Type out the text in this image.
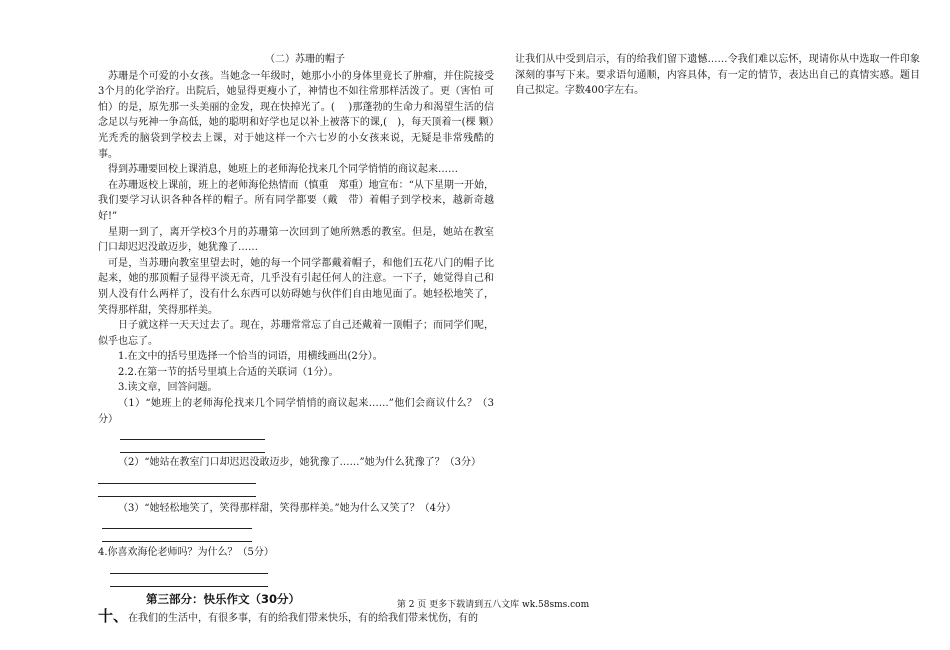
（二）苏珊的帽子

苏珊是个可爱的小女孩。当她念一年级时，她那小小的身体里竟长了肿瘤，并住院接受3个月的化学治疗。出院后，她显得更瘦小了，神情也不如往常那样活泼了。更（害怕 可怕）的是，原先那一头美丽的金发，现在快掉光了。(　 )那蓬勃的生命力和渴望生活的信念足以与死神一争高低，她的聪明和好学也足以补上被落下的课,(　)，每天顶着一(棵 颗）光秃秃的脑袋到学校去上课，对于她这样一个六七岁的小女孩来说，无疑是非常残酷的事。

得到苏珊要回校上课消息，她班上的老师海伦找来几个同学悄悄的商议起来……

在苏珊返校上课前，班上的老师海伦热情而（慎重　郑重）地宣布：“从下星期一开始，我们要学习认识各种各样的帽子。所有同学都要（戴　带）着帽子到学校来，越新奇越好!”

星期一到了，离开学校3个月的苏珊第一次回到了她所熟悉的教室。但是，她站在教室门口却迟迟没敢迈步，她犹豫了……

可是，当苏珊向教室里望去时，她的每一个同学都戴着帽子，和他们五花八门的帽子比起来，她的那顶帽子显得平淡无奇，几乎没有引起任何人的注意。一下子，她觉得自己和别人没有什么两样了，没有什么东西可以妨碍她与伙伴们自由地见面了。她轻松地笑了，笑得那样甜，笑得那样美。

日子就这样一天天过去了。现在，苏珊常常忘了自己还戴着一顶帽子；而同学们呢，似乎也忘了。

1.在文中的括号里选择一个恰当的词语，用横线画出(2分）。

2.2.在第一节的括号里填上合适的关联词（1分）。

3.读文章，回答问题。

（1）“她班上的老师海伦找来几个同学悄悄的商议起来……”他们会商议什么？（3分）

（2）“她站在教室门口却迟迟没敢迈步，她犹豫了……”她为什么犹豫了？（3分）

（3）“她轻松地笑了，笑得那样甜，笑得那样美。”她为什么又笑了？（4分）

4.你喜欢海伦老师吗？为什么？（5分）

第三部分：快乐作文（30分）
十、在我们的生活中，有很多事，有的给我们带来快乐，有的给我们带来忧伤，有的

让我们从中受到启示，有的给我们留下遗憾……令我们难以忘怀，现请你从中选取一件印象深刻的事写下来。要求语句通顺，内容具体，有一定的情节，表达出自己的真情实感。题目自己拟定。字数400字左右。

第 2 页 更多下载请到五八文库 wk.58sms.com
